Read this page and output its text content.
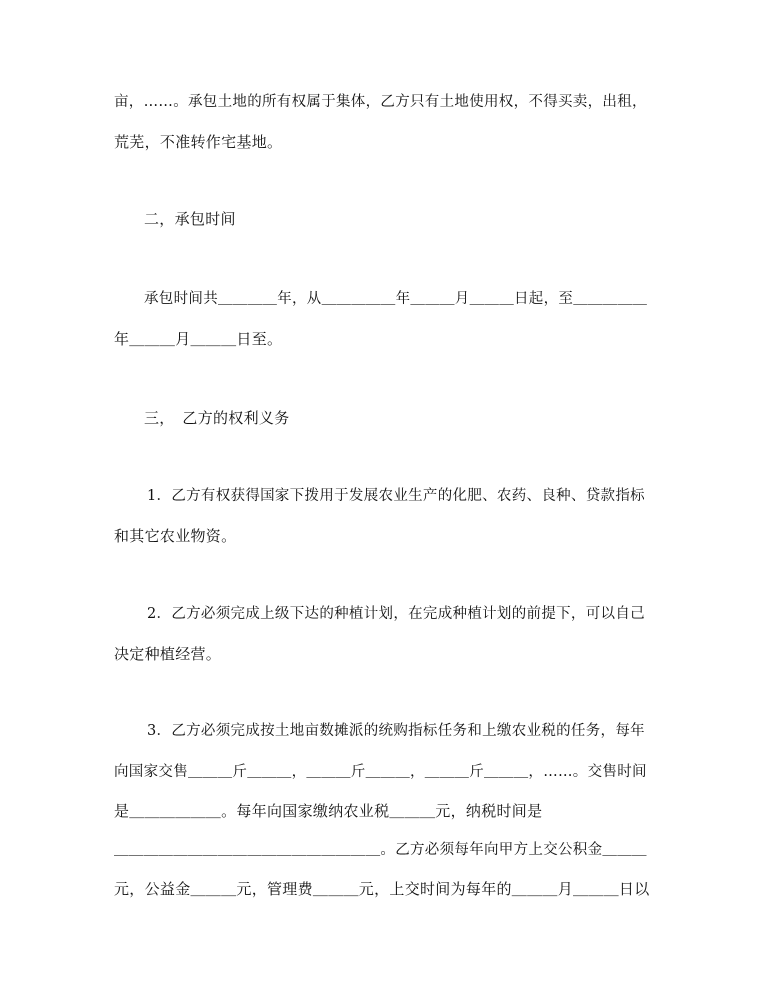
亩，……。承包土地的所有权属于集体，乙方只有土地使用权，不得买卖，出租，
荒芜，不准转作宅基地。
二，承包时间
承包时间共＿＿＿＿年，从＿＿＿＿＿年＿＿＿月＿＿＿日起，至＿＿＿＿＿
年＿＿＿月＿＿＿日至。
三，　乙方的权利义务
1．乙方有权获得国家下拨用于发展农业生产的化肥、农药、良种、贷款指标
和其它农业物资。
2．乙方必须完成上级下达的种植计划，在完成种植计划的前提下，可以自己
决定种植经营。
3．乙方必须完成按土地亩数摊派的统购指标任务和上缴农业税的任务，每年
向国家交售＿＿＿斤＿＿＿，＿＿＿斤＿＿＿，＿＿＿斤＿＿＿，……。交售时间
是＿＿＿＿＿＿。每年向国家缴纳农业税＿＿＿元，纳税时间是
＿＿＿＿＿＿＿＿＿＿＿＿＿＿＿＿＿＿。乙方必须每年向甲方上交公积金＿＿＿
元，公益金＿＿＿元，管理费＿＿＿元，上交时间为每年的＿＿＿月＿＿＿日以
